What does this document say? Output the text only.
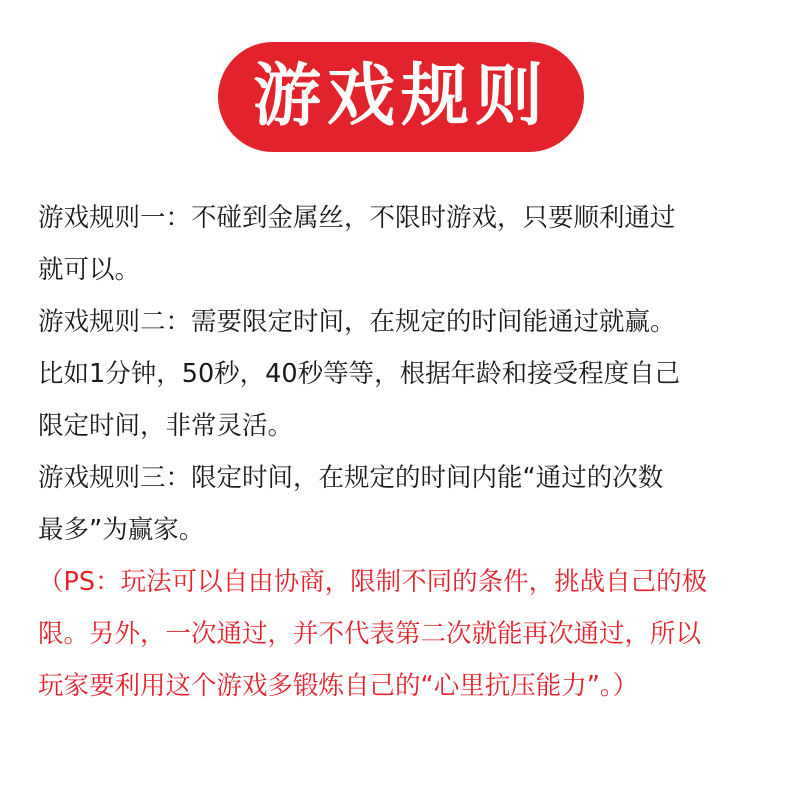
游戏规则

游戏规则一：不碰到金属丝，不限时游戏，只要顺利通过

就可以。

游戏规则二：需要限定时间，在规定的时间能通过就赢。

比如1分钟，50秒，40秒等等，根据年龄和接受程度自己

限定时间，非常灵活。

游戏规则三：限定时间，在规定的时间内能“通过的次数

最多”为赢家。

（PS：玩法可以自由协商，限制不同的条件，挑战自己的极

限。另外，一次通过，并不代表第二次就能再次通过，所以

玩家要利用这个游戏多锻炼自己的“心里抗压能力”。）
